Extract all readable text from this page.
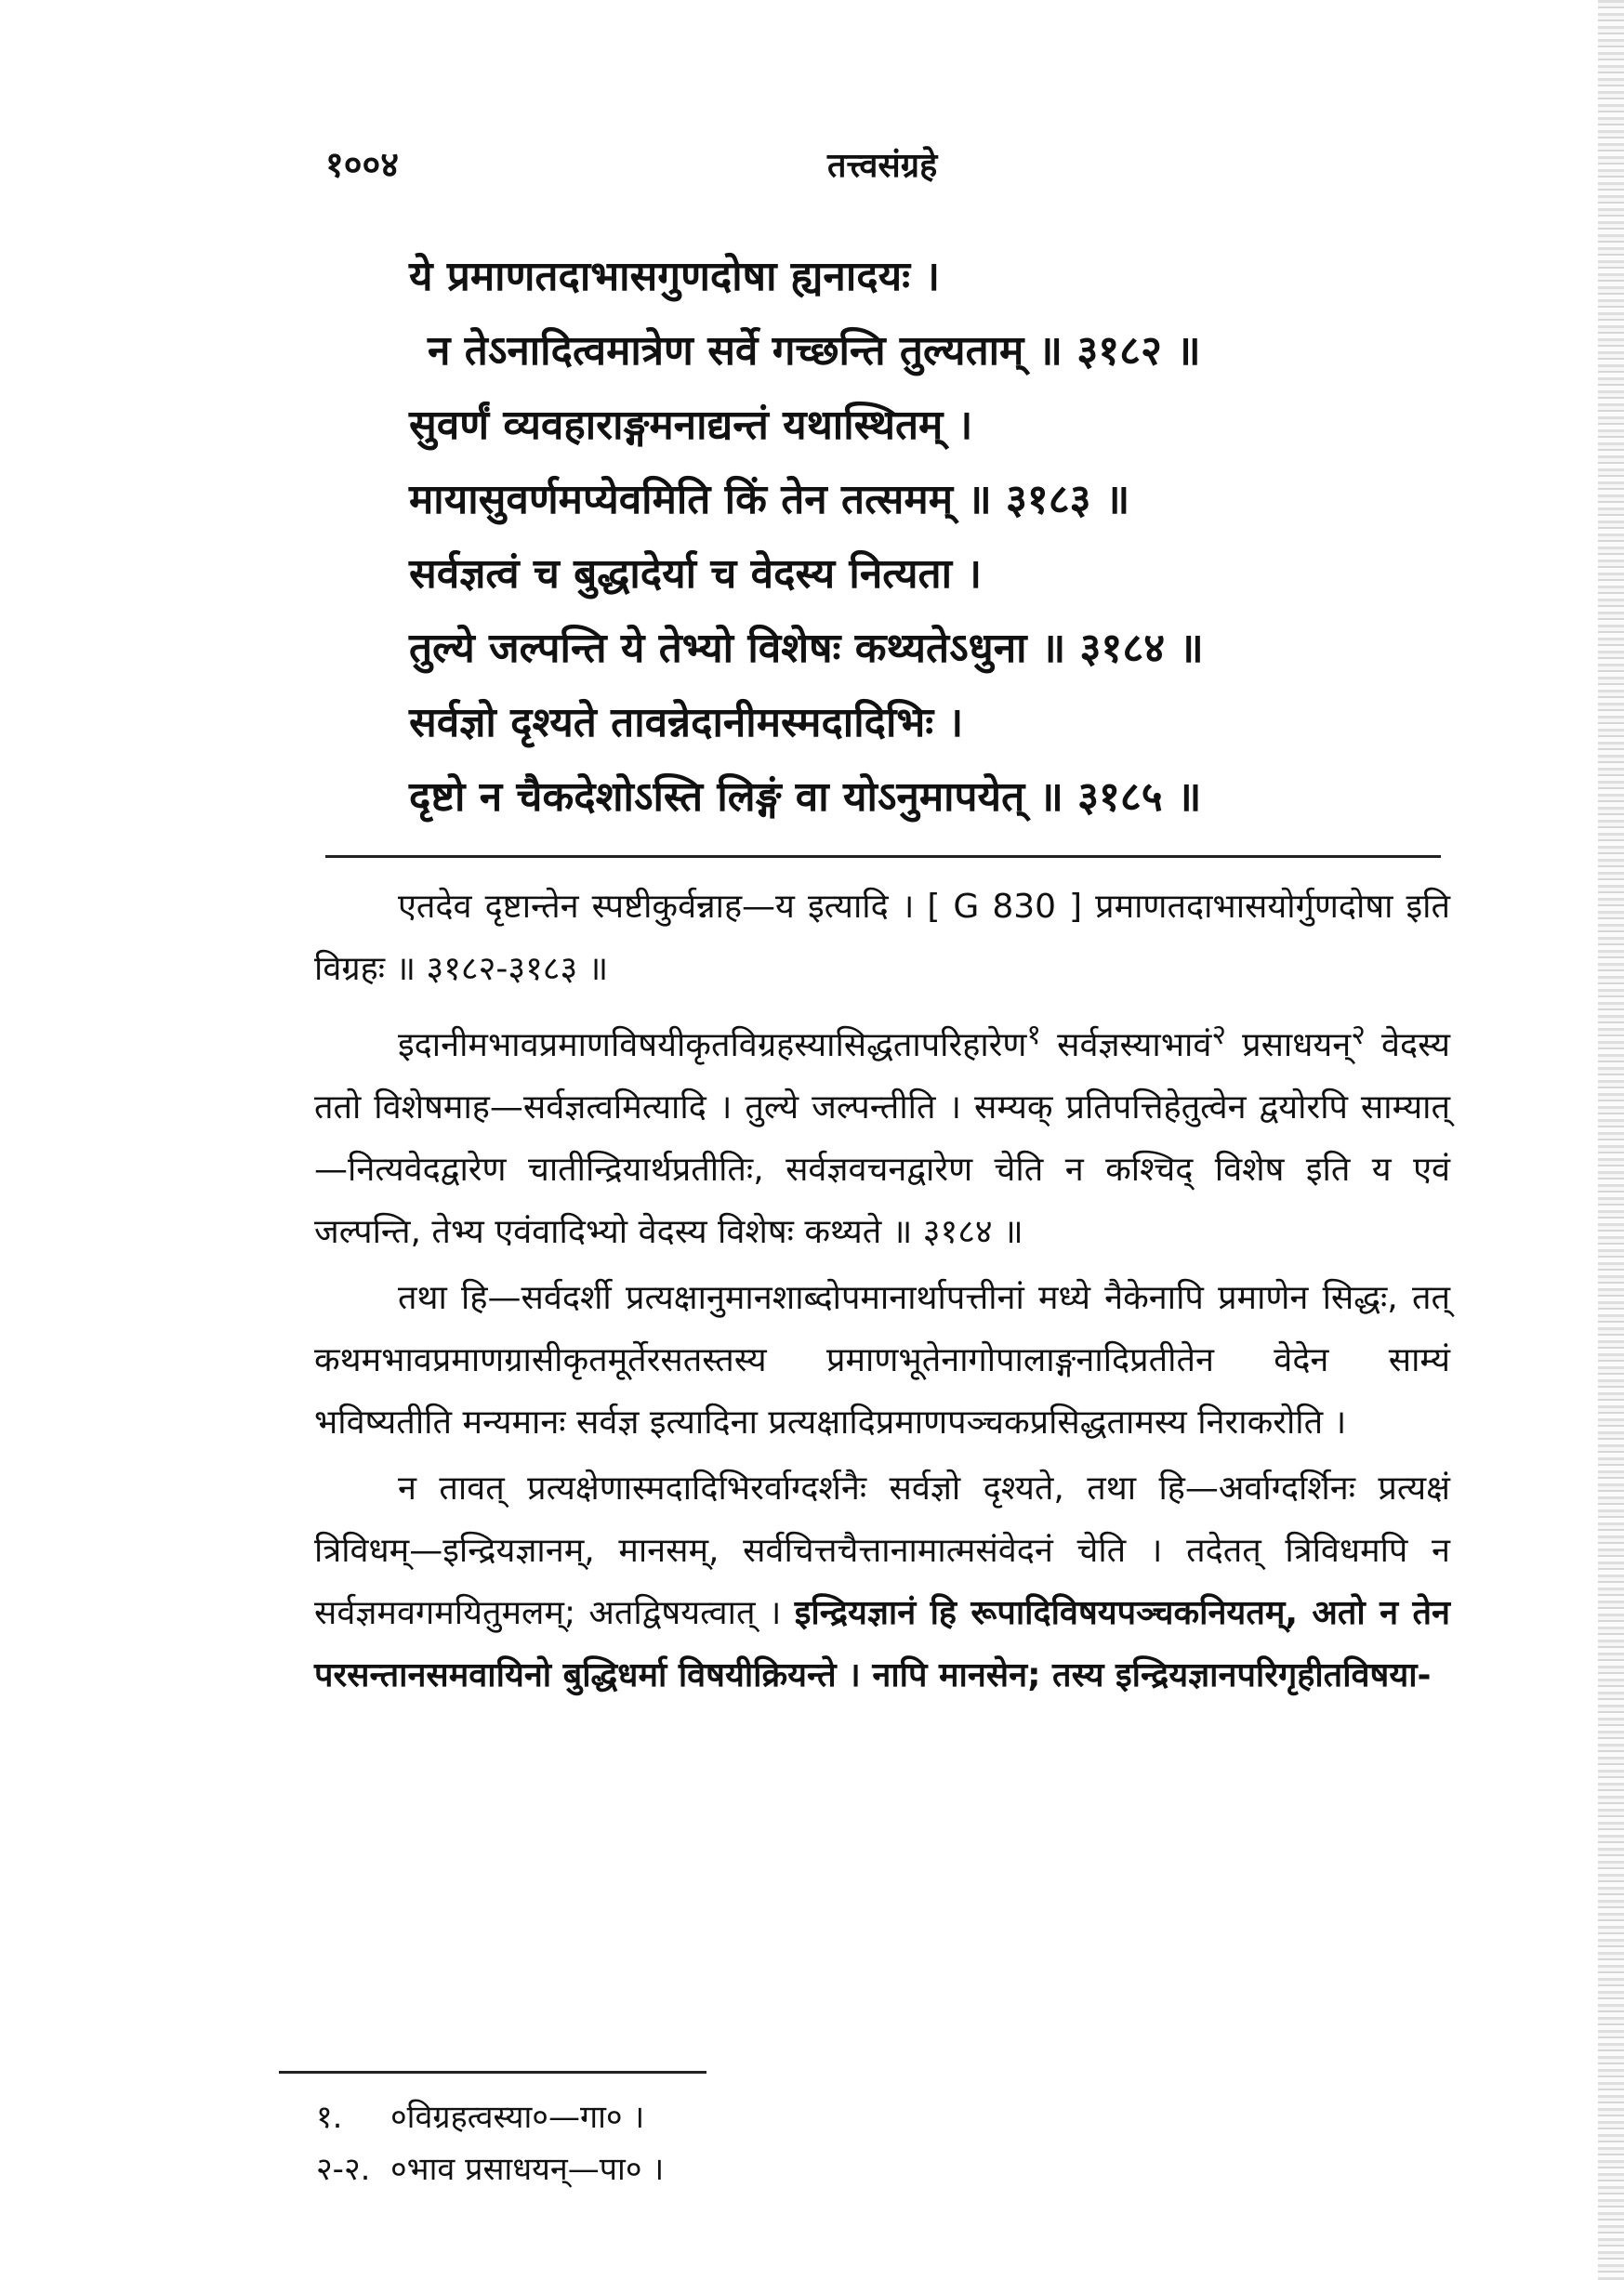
१००४	तत्त्वसंग्रहे
ये प्रमाणतदाभासगुणदोषा ह्यनादयः ।
न तेऽनादित्वमात्रेण सर्वे गच्छन्ति तुल्यताम् ॥ ३१८२ ॥
सुवर्णं व्यवहाराङ्गमनाद्यन्तं यथास्थितम् ।
मायासुवर्णमप्येवमिति किं तेन तत्समम् ॥ ३१८३ ॥
सर्वज्ञत्वं च बुद्धादेर्या च वेदस्य नित्यता ।
तुल्ये जल्पन्ति ये तेभ्यो विशेषः कथ्यतेऽधुना ॥ ३१८४ ॥
सर्वज्ञो दृश्यते तावन्नेदानीमस्मदादिभिः ।
दृष्टो न चैकदेशोऽस्ति लिङ्गं वा योऽनुमापयेत् ॥ ३१८५ ॥

एतदेव दृष्टान्तेन स्पष्टीकुर्वन्नाह—य इत्यादि । [ G 830 ] प्रमाणतदाभासयोर्गुणदोषा इति विग्रहः ॥ ३१८२-३१८३ ॥

इदानीमभावप्रमाणविषयीकृतविग्रहस्यासिद्धतापरिहारेण$^१$ सर्वज्ञस्याभावं$^२$ प्रसाधयन्$^२$ वेदस्य ततो विशेषमाह—सर्वज्ञत्वमित्यादि । तुल्ये जल्पन्तीति । सम्यक् प्रतिपत्तिहेतुत्वेन द्वयोरपि साम्यात्—नित्यवेदद्वारेण चातीन्द्रियार्थप्रतीतिः, सर्वज्ञवचनद्वारेण चेति न कश्चिद् विशेष इति य एवं जल्पन्ति, तेभ्य एवंवादिभ्यो वेदस्य विशेषः कथ्यते ॥ ३१८४ ॥

तथा हि—सर्वदर्शी प्रत्यक्षानुमानशाब्दोपमानार्थापत्तीनां मध्ये नैकेनापि प्रमाणेन सिद्धः, तत् कथमभावप्रमाणग्रासीकृतमूर्तेरसतस्तस्य प्रमाणभूतेनागोपालाङ्गनादिप्रतीतेन वेदेन साम्यं भविष्यतीति मन्यमानः सर्वज्ञ इत्यादिना प्रत्यक्षादिप्रमाणपञ्चकप्रसिद्धतामस्य निराकरोति ।

न तावत् प्रत्यक्षेणास्मदादिभिरर्वाग्दर्शनैः सर्वज्ञो दृश्यते, तथा हि—अर्वाग्दर्शिनः प्रत्यक्षं त्रिविधम्—इन्द्रियज्ञानम्, मानसम्, सर्वचित्तचैत्तानामात्मसंवेदनं चेति । तदेतत् त्रिविधमपि न सर्वज्ञमवगमयितुमलम्; अतद्विषयत्वात् । इन्द्रियज्ञानं हि रूपादिविषयपञ्चकनियतम्, अतो न तेन परसन्तानसमवायिनो बुद्धिधर्मा विषयीक्रियन्ते । नापि मानसेन; तस्य इन्द्रियज्ञानपरिगृहीतविषया-

१. ०विग्रहत्वस्या०—गा० ।
२-२. ०भाव प्रसाधयन्—पा० ।
